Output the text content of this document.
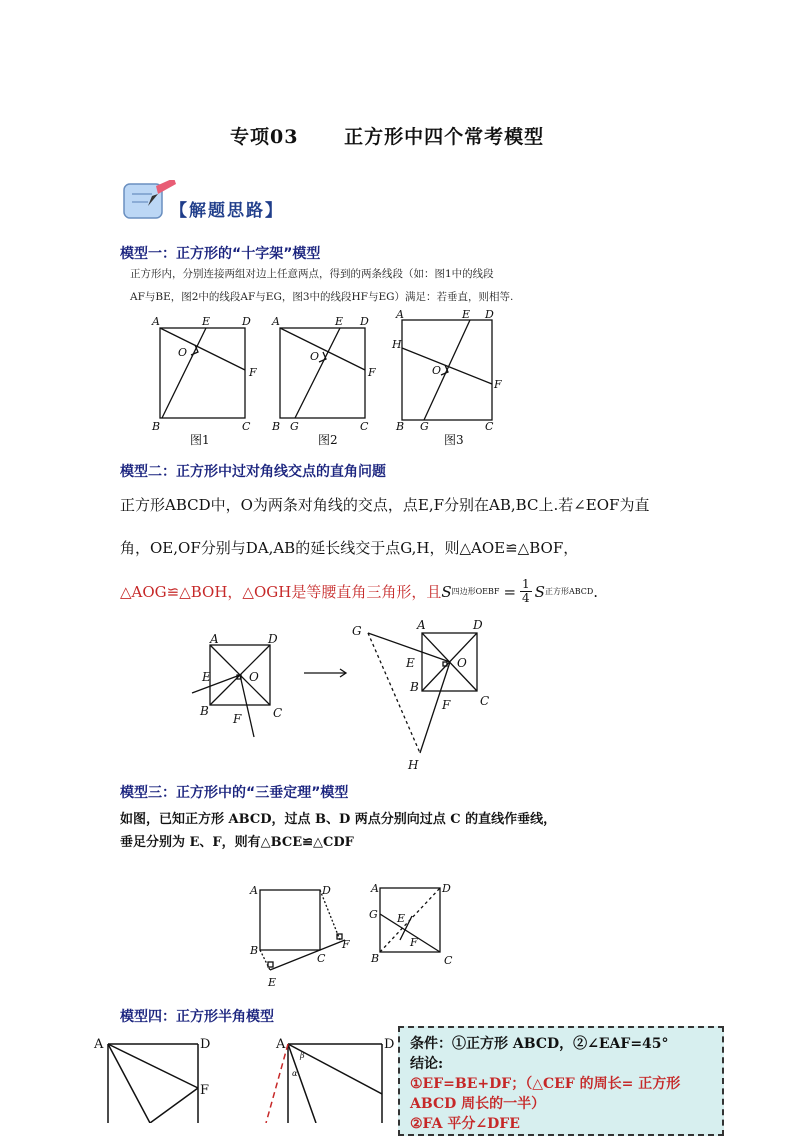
专项03      正方形中四个常考模型
【解题思路】
模型一：正方形的“十字架”模型
正方形内，分别连接两组对边上任意两点，得到的两条线段（如：图1中的线段
AF与BE，图2中的线段AF与EG，图3中的线段HF与EG）满足：若垂直，则相等.
A	E	D
O
F
B	C
A	E D
O
F
B G	C
A	E D
H
O
F
B G	C
图1	图2	图3
模型二：正方形中过对角线交点的直角问题
正方形ABCD中，O为两条对角线的交点，点E,F分别在AB,BC上.若∠EOF为直
角，OE,OF分别与DA,AB的延长线交于点G,H，则△AOE≌△BOF，
△AOG≌△BOH，△OGH是等腰直角三角形，且 S 四边形OEBF = $\frac{1}{4}$ S 正方形ABCD .
A	D
E	O
B
F	C
G	A	D
E	O
B
C
F
H
模型三：正方形中的“三垂定理”模型
如图，已知正方形 ABCD，过点 B、D 两点分别向过点 C 的直线作垂线，
垂足分别为 E、F，则有△BCE≌△CDF
A	D
B
C
F
E
A	D
G E
F
B	C
模型四：正方形半角模型
A	D
F
A	D
β
α
条件：①正方形 ABCD，②∠EAF=45°
结论:
①EF=BE+DF；（△CEF 的周长= 正方形
ABCD 周长的一半）
②FA 平分∠DFE
